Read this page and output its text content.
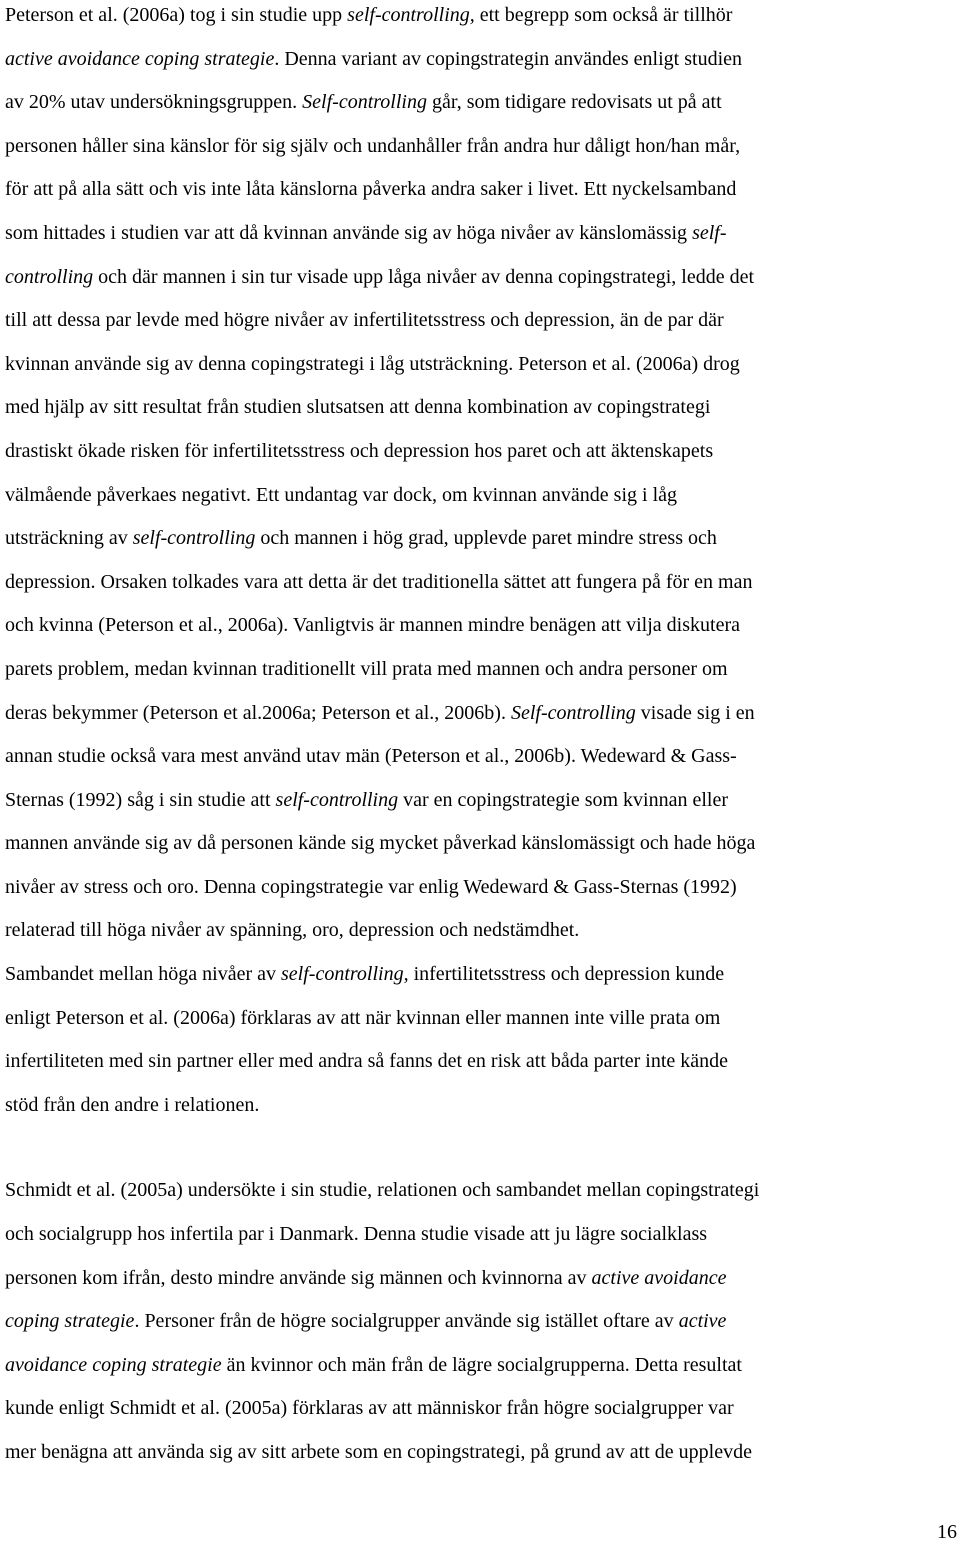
Peterson et al. (2006a) tog i sin studie upp self-controlling, ett begrepp som också är tillhör
active avoidance coping strategie. Denna variant av copingstrategin användes enligt studien
av 20% utav undersökningsgruppen. Self-controlling går, som tidigare redovisats ut på att
personen håller sina känslor för sig själv och undanhåller från andra hur dåligt hon/han mår,
för att på alla sätt och vis inte låta känslorna påverka andra saker i livet. Ett nyckelsamband
som hittades i studien var att då kvinnan använde sig av höga nivåer av känslomässig self-
controlling och där mannen i sin tur visade upp låga nivåer av denna copingstrategi, ledde det
till att dessa par levde med högre nivåer av infertilitetsstress och depression, än de par där
kvinnan använde sig av denna copingstrategi i låg utsträckning. Peterson et al. (2006a) drog
med hjälp av sitt resultat från studien slutsatsen att denna kombination av copingstrategi
drastiskt ökade risken för infertilitetsstress och depression hos paret och att äktenskapets
välmående påverkaes negativt. Ett undantag var dock, om kvinnan använde sig i låg
utsträckning av self-controlling och mannen i hög grad, upplevde paret mindre stress och
depression. Orsaken tolkades vara att detta är det traditionella sättet att fungera på för en man
och kvinna (Peterson et al., 2006a). Vanligtvis är mannen mindre benägen att vilja diskutera
parets problem, medan kvinnan traditionellt vill prata med mannen och andra personer om
deras bekymmer (Peterson et al.2006a; Peterson et al., 2006b). Self-controlling visade sig i en
annan studie också vara mest använd utav män (Peterson et al., 2006b). Wedeward & Gass-
Sternas (1992) såg i sin studie att self-controlling var en copingstrategie som kvinnan eller
mannen använde sig av då personen kände sig mycket påverkad känslomässigt och hade höga
nivåer av stress och oro. Denna copingstrategie var enlig Wedeward & Gass-Sternas (1992)
relaterad till höga nivåer av spänning, oro, depression och nedstämdhet.
Sambandet mellan höga nivåer av self-controlling, infertilitetsstress och depression kunde
enligt Peterson et al. (2006a) förklaras av att när kvinnan eller mannen inte ville prata om
infertiliteten med sin partner eller med andra så fanns det en risk att båda parter inte kände
stöd från den andre i relationen.
Schmidt et al. (2005a) undersökte i sin studie, relationen och sambandet mellan copingstrategi
och socialgrupp hos infertila par i Danmark. Denna studie visade att ju lägre socialklass
personen kom ifrån, desto mindre använde sig männen och kvinnorna av active avoidance
coping strategie. Personer från de högre socialgrupper använde sig istället oftare av active
avoidance coping strategie än kvinnor och män från de lägre socialgrupperna. Detta resultat
kunde enligt Schmidt et al. (2005a) förklaras av att människor från högre socialgrupper var
mer benägna att använda sig av sitt arbete som en copingstrategi, på grund av att de upplevde
16
